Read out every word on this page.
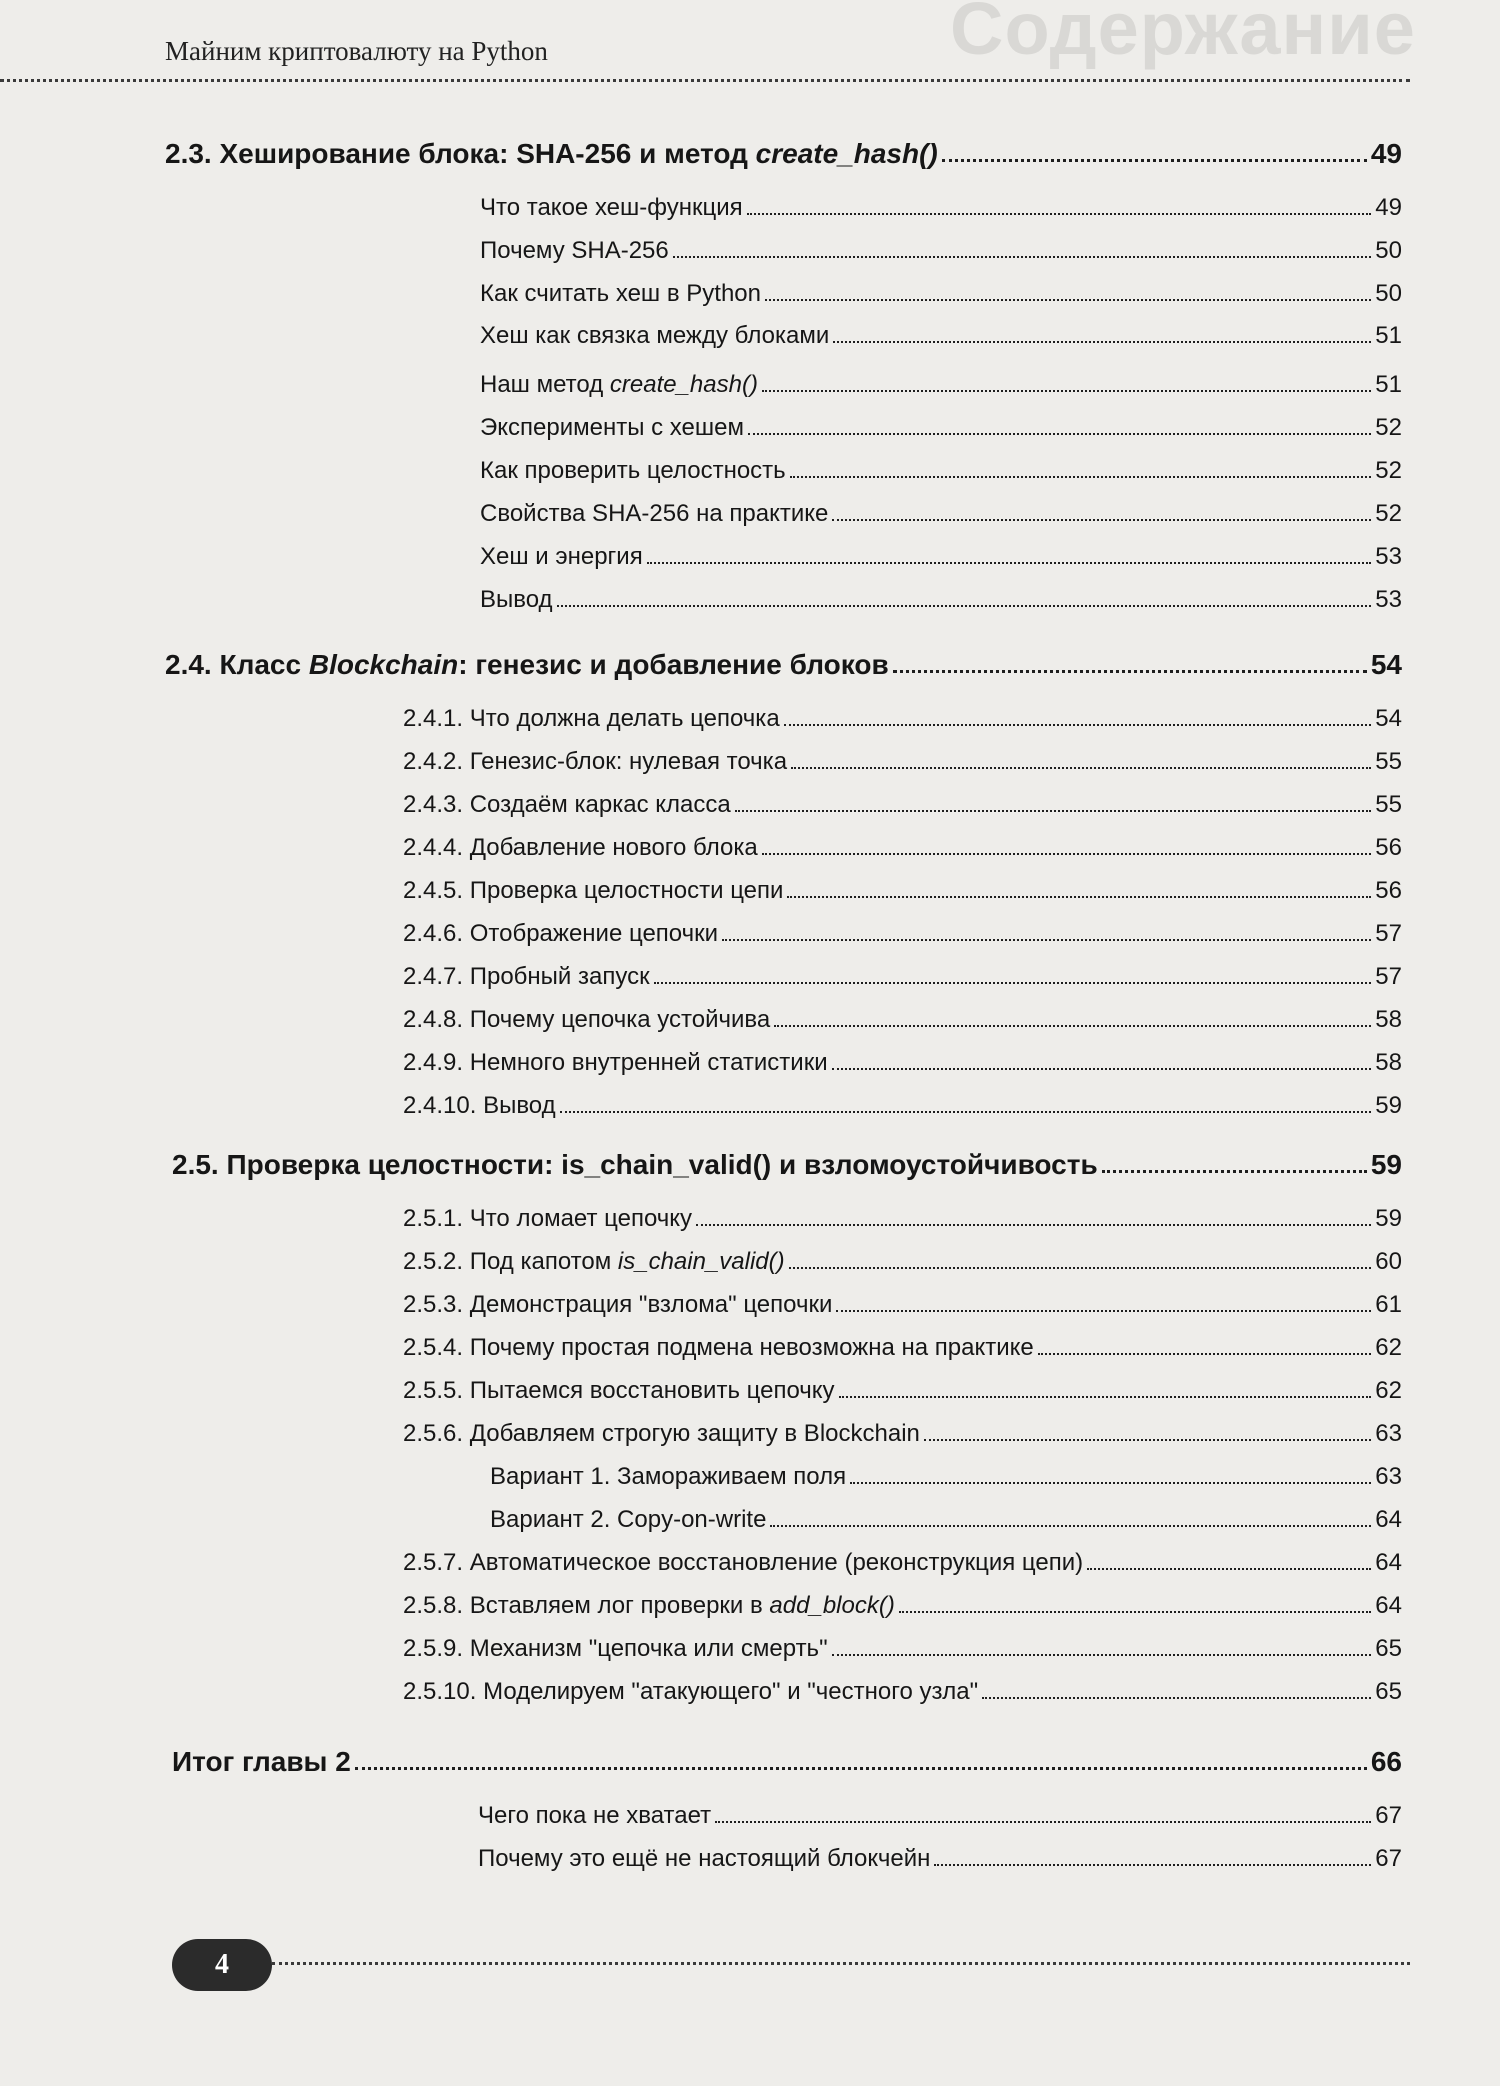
Содержание
Майним криптовалюту на Python
2.3. Хеширование блока: SHA-256 и метод create_hash()	49
Что такое хеш-функция	49
Почему SHA-256	50
Как считать хеш в Python	50
Хеш как связка между блоками	51
Наш метод create_hash()	51
Эксперименты с хешем	52
Как проверить целостность	52
Свойства SHA-256 на практике	52
Хеш и энергия	53
Вывод	53
2.4. Класс Blockchain: генезис и добавление блоков	54
2.4.1. Что должна делать цепочка	54
2.4.2. Генезис-блок: нулевая точка	55
2.4.3. Создаём каркас класса	55
2.4.4. Добавление нового блока	56
2.4.5. Проверка целостности цепи	56
2.4.6. Отображение цепочки	57
2.4.7. Пробный запуск	57
2.4.8. Почему цепочка устойчива	58
2.4.9. Немного внутренней статистики	58
2.4.10. Вывод	59
2.5. Проверка целостности: is_chain_valid() и взломоустойчивость	59
2.5.1. Что ломает цепочку	59
2.5.2. Под капотом is_chain_valid()	60
2.5.3. Демонстрация "взлома" цепочки	61
2.5.4. Почему простая подмена невозможна на практике	62
2.5.5. Пытаемся восстановить цепочку	62
2.5.6. Добавляем строгую защиту в Blockchain	63
Вариант 1. Замораживаем поля	63
Вариант 2. Copy-on-write	64
2.5.7. Автоматическое восстановление (реконструкция цепи)	64
2.5.8. Вставляем лог проверки в add_block()	64
2.5.9. Механизм "цепочка или смерть"	65
2.5.10. Моделируем "атакующего" и "честного узла"	65
Итог главы 2	66
Чего пока не хватает	67
Почему это ещё не настоящий блокчейн	67
4
